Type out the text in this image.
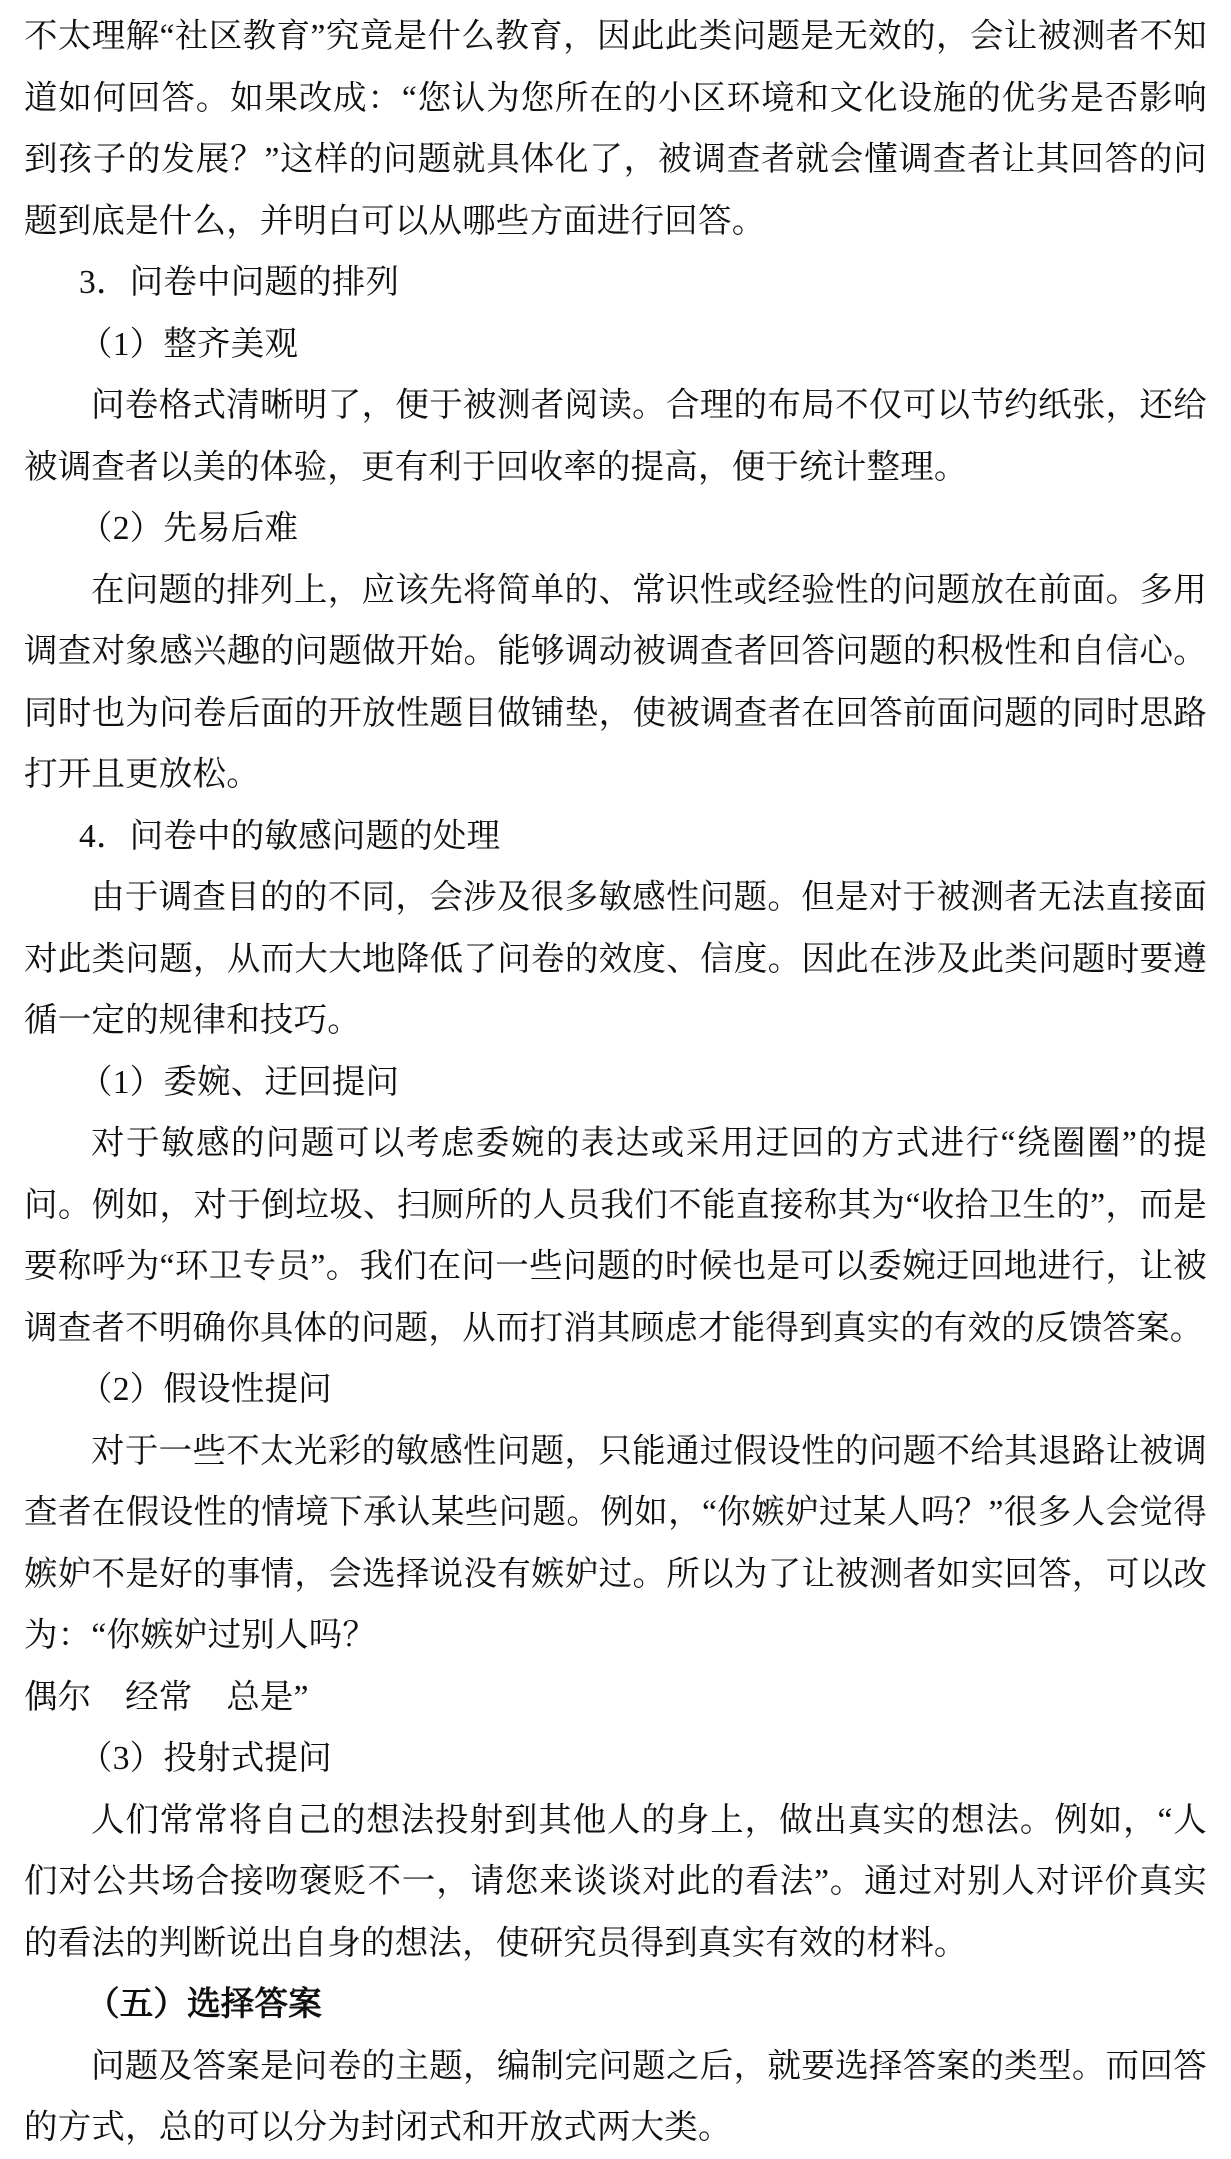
不太理解“社区教育”究竟是什么教育，因此此类问题是无效的，会让被测者不知道如何回答。如果改成：“您认为您所在的小区环境和文化设施的优劣是否影响到孩子的发展？”这样的问题就具体化了，被调查者就会懂调查者让其回答的问题到底是什么，并明白可以从哪些方面进行回答。

3．问卷中问题的排列

（1）整齐美观

问卷格式清晰明了，便于被测者阅读。合理的布局不仅可以节约纸张，还给被调查者以美的体验，更有利于回收率的提高，便于统计整理。

（2）先易后难

在问题的排列上，应该先将简单的、常识性或经验性的问题放在前面。多用调查对象感兴趣的问题做开始。能够调动被调查者回答问题的积极性和自信心。同时也为问卷后面的开放性题目做铺垫，使被调查者在回答前面问题的同时思路打开且更放松。

4．问卷中的敏感问题的处理

由于调查目的的不同，会涉及很多敏感性问题。但是对于被测者无法直接面对此类问题，从而大大地降低了问卷的效度、信度。因此在涉及此类问题时要遵循一定的规律和技巧。

（1）委婉、迂回提问

对于敏感的问题可以考虑委婉的表达或采用迂回的方式进行“绕圈圈”的提问。例如，对于倒垃圾、扫厕所的人员我们不能直接称其为“收拾卫生的”，而是要称呼为“环卫专员”。我们在问一些问题的时候也是可以委婉迂回地进行，让被调查者不明确你具体的问题，从而打消其顾虑才能得到真实的有效的反馈答案。

（2）假设性提问

对于一些不太光彩的敏感性问题，只能通过假设性的问题不给其退路让被调查者在假设性的情境下承认某些问题。例如，“你嫉妒过某人吗？”很多人会觉得嫉妒不是好的事情，会选择说没有嫉妒过。所以为了让被测者如实回答，可以改为：“你嫉妒过别人吗？

偶尔　经常　总是”

（3）投射式提问

人们常常将自己的想法投射到其他人的身上，做出真实的想法。例如，“人们对公共场合接吻褒贬不一，请您来谈谈对此的看法”。通过对别人对评价真实的看法的判断说出自身的想法，使研究员得到真实有效的材料。

（五）选择答案

问题及答案是问卷的主题，编制完问题之后，就要选择答案的类型。而回答的方式，总的可以分为封闭式和开放式两大类。
